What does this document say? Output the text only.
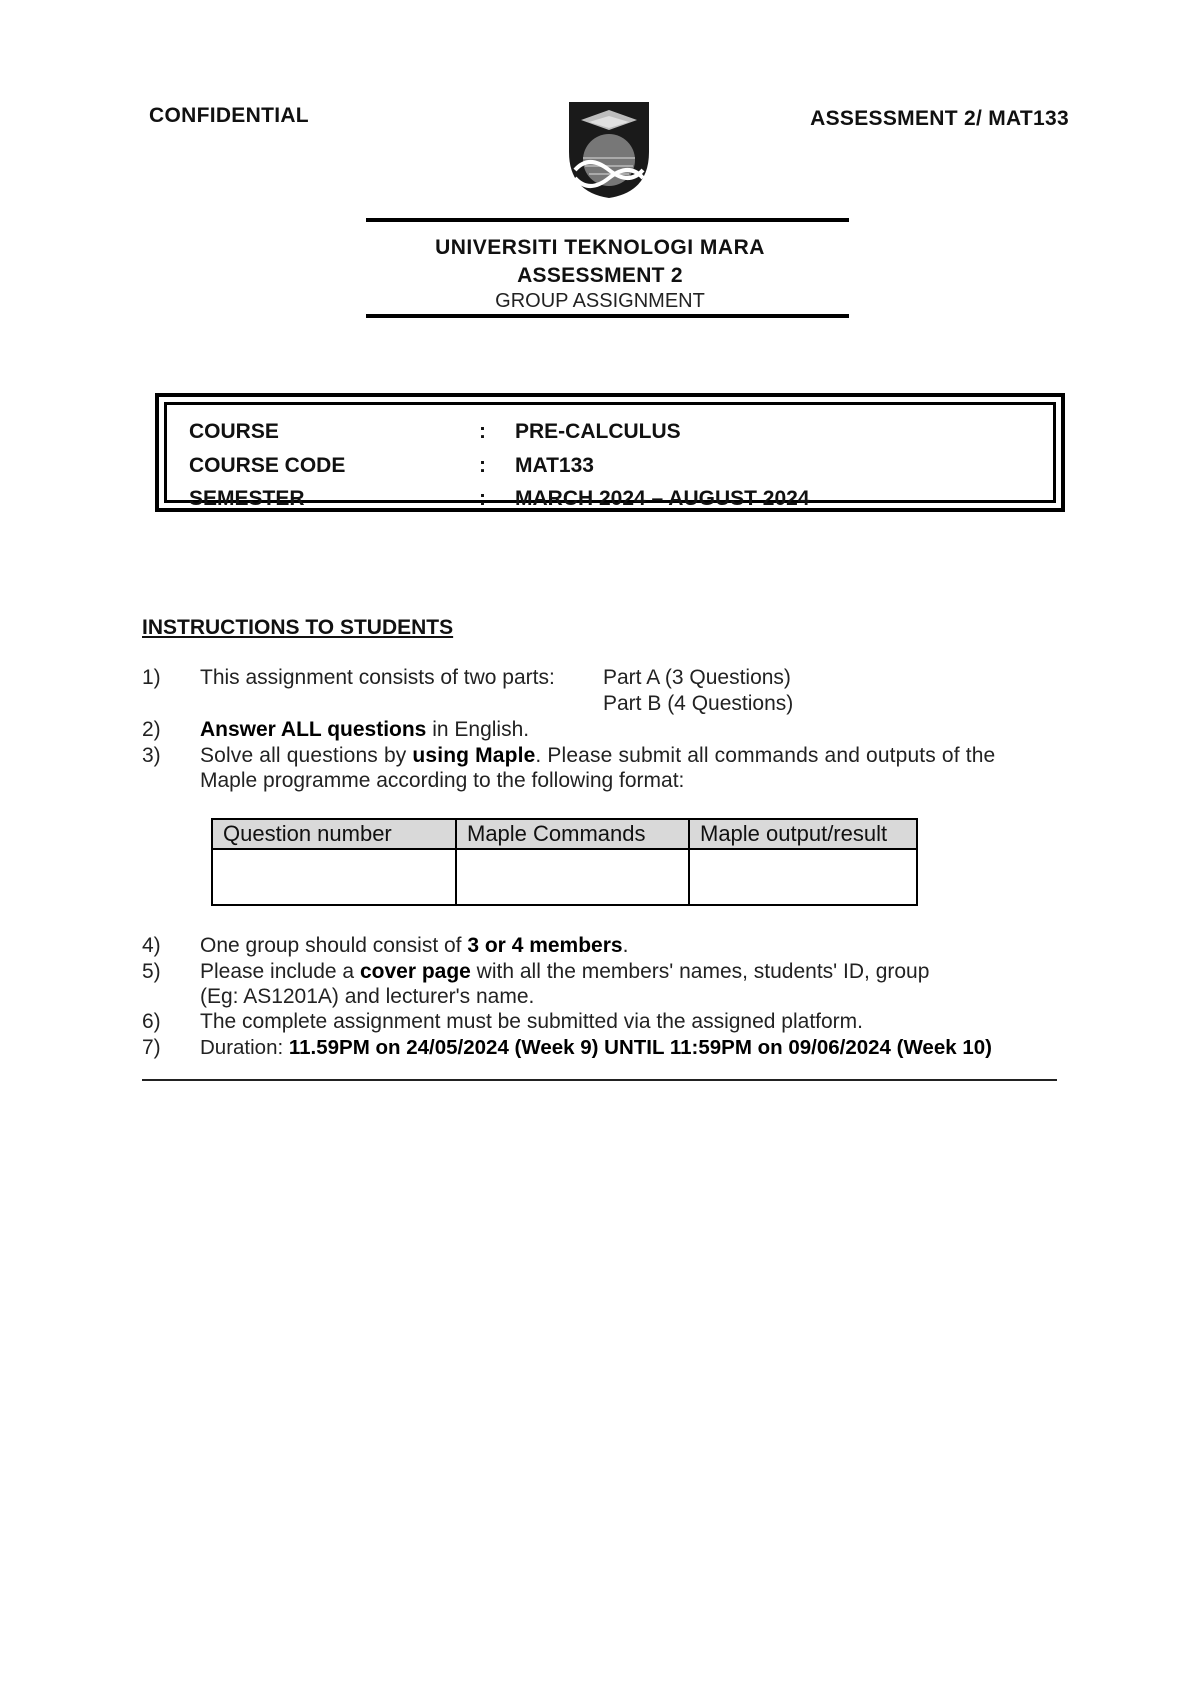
CONFIDENTIAL	ASSESSMENT 2/ MAT133
UNIVERSITI TEKNOLOGI MARA
ASSESSMENT 2
GROUP ASSIGNMENT
COURSE	: PRE-CALCULUS
COURSE CODE	: MAT133
SEMESTER	: MARCH 2024 – AUGUST 2024
INSTRUCTIONS TO STUDENTS
1) This assignment consists of two parts: Part A (3 Questions)
Part B (4 Questions)
2) Answer ALL questions in English.
3) Solve all questions by using Maple. Please submit all commands and outputs of the
Maple programme according to the following format:
Question number	Maple Commands	Maple output/result

4) One group should consist of 3 or 4 members.
5) Please include a cover page with all the members' names, students' ID, group
(Eg: AS1201A) and lecturer's name.
6) The complete assignment must be submitted via the assigned platform.
7) Duration: 11.59PM on 24/05/2024 (Week 9) UNTIL 11:59PM on 09/06/2024 (Week 10)
